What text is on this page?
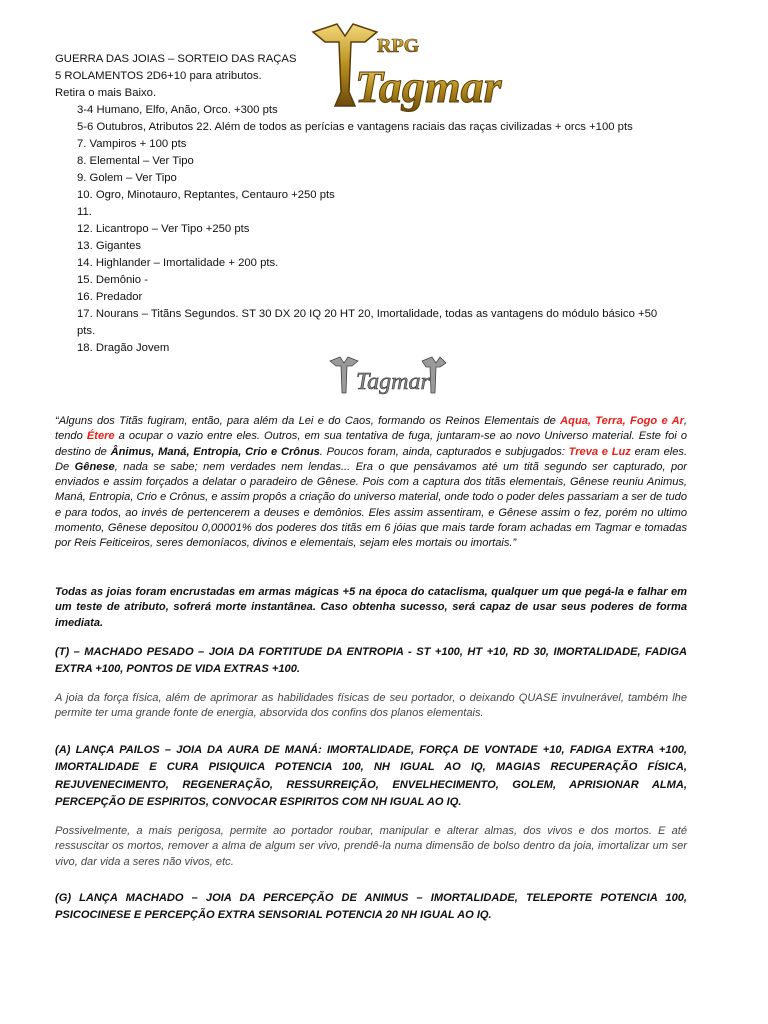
GUERRA DAS JOIAS – SORTEIO DAS RAÇAS
5 ROLAMENTOS 2D6+10 para atributos.
Retira o mais Baixo.
RPG
Tagmar
3-4 Humano, Elfo, Anão, Orco. +300 pts
5-6 Outubros, Atributos 22. Além de todos as perícias e vantagens raciais das raças civilizadas + orcs +100 pts
7. Vampiros + 100 pts
8. Elemental – Ver Tipo
9. Golem – Ver Tipo
10. Ogro, Minotauro, Reptantes, Centauro +250 pts
11.
12. Licantropo – Ver Tipo +250 pts
13. Gigantes
14. Highlander – Imortalidade + 200 pts.
15. Demônio -
16. Predador
17. Nourans – Titãns Segundos. ST 30 DX 20 IQ 20 HT 20, Imortalidade, todas as vantagens do módulo básico +50
pts.
18. Dragão Jovem
Tagmar
“Alguns dos Titãs fugiram, então, para além da Lei e do Caos, formando os Reinos Elementais de Aqua, Terra, Fogo e Ar, tendo Étere a ocupar o vazio entre eles. Outros, em sua tentativa de fuga, juntaram-se ao novo Universo material. Este foi o destino de Ânimus, Maná, Entropia, Crio e Crônus. Poucos foram, ainda, capturados e subjugados: Treva e Luz eram eles. De Gênese, nada se sabe; nem verdades nem lendas... Era o que pensávamos até um titã segundo ser capturado, por enviados e assim forçados a delatar o paradeiro de Gênese. Pois com a captura dos titãs elementais, Gênese reuniu Animus, Maná, Entropia, Crio e Crônus, e assim propôs a criação do universo material, onde todo o poder deles passariam a ser de tudo e para todos, ao invés de pertencerem a deuses e demônios. Eles assim assentiram, e Gênese assim o fez, porém no ultimo momento, Gênese depositou 0,00001% dos poderes dos titãs em 6 jóias que mais tarde foram achadas em Tagmar e tomadas por Reis Feiticeiros, seres demoníacos, divinos e elementais, sejam eles mortais ou imortais.”
Todas as joias foram encrustadas em armas mágicas +5 na época do cataclisma, qualquer um que pegá-la e falhar em um teste de atributo, sofrerá morte instantânea. Caso obtenha sucesso, será capaz de usar seus poderes de forma imediata.
(T) – MACHADO PESADO – JOIA DA FORTITUDE DA ENTROPIA - ST +100, HT +10, RD 30, IMORTALIDADE, FADIGA EXTRA +100, PONTOS DE VIDA EXTRAS +100.
A joia da força física, além de aprimorar as habilidades físicas de seu portador, o deixando QUASE invulnerável, também lhe permite ter uma grande fonte de energia, absorvida dos confins dos planos elementais.
(A) LANÇA PAILOS – JOIA DA AURA DE MANÁ: IMORTALIDADE, FORÇA DE VONTADE +10, FADIGA EXTRA +100, IMORTALIDADE E CURA PISIQUICA POTENCIA 100, NH IGUAL AO IQ, MAGIAS RECUPERAÇÃO FÍSICA, REJUVENECIMENTO, REGENERAÇÃO, RESSURREIÇÃO, ENVELHECIMENTO, GOLEM, APRISIONAR ALMA, PERCEPÇÃO DE ESPIRITOS, CONVOCAR ESPIRITOS COM NH IGUAL AO IQ.
Possivelmente, a mais perigosa, permite ao portador roubar, manipular e alterar almas, dos vivos e dos mortos. E até ressuscitar os mortos, remover a alma de algum ser vivo, prendê-la numa dimensão de bolso dentro da joia, imortalizar um ser vivo, dar vida a seres não vivos, etc.
(G) LANÇA MACHADO – JOIA DA PERCEPÇÃO DE ANIMUS – IMORTALIDADE, TELEPORTE POTENCIA 100, PSICOCINESE E PERCEPÇÃO EXTRA SENSORIAL POTENCIA 20 NH IGUAL AO IQ.
